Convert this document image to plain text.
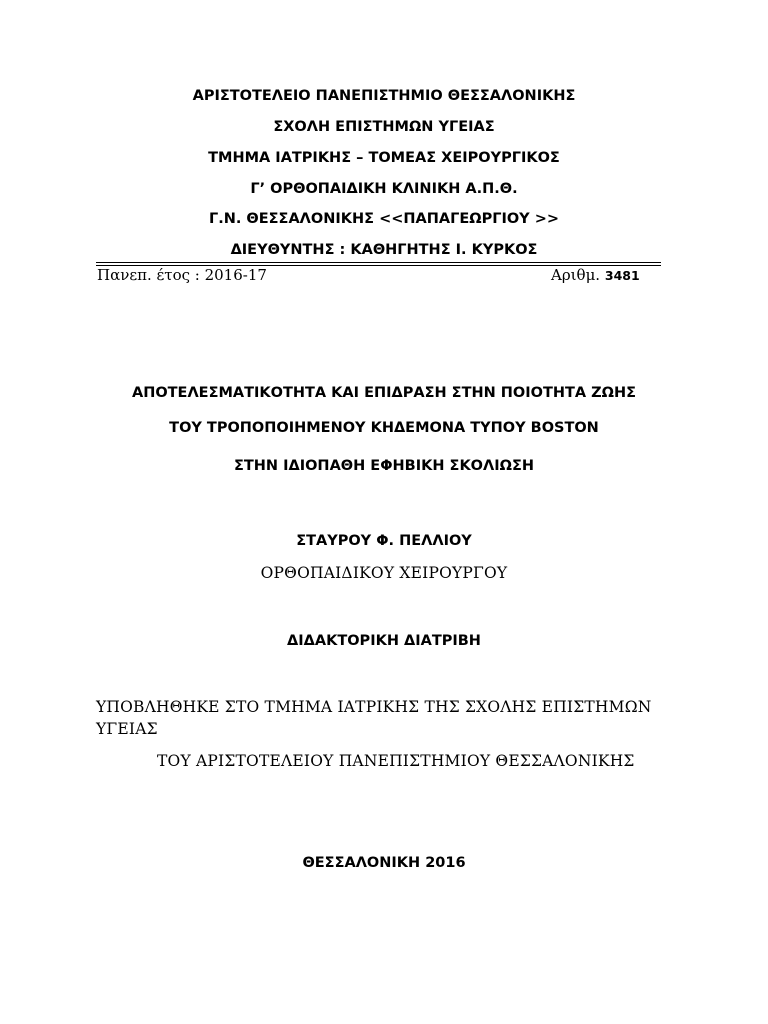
ΑΡΙΣΤΟΤΕΛΕΙΟ ΠΑΝΕΠΙΣΤΗΜΙΟ ΘΕΣΣΑΛΟΝΙΚΗΣ
ΣΧΟΛΗ ΕΠΙΣΤΗΜΩΝ ΥΓΕΙΑΣ
ΤΜΗΜΑ ΙΑΤΡΙΚΗΣ – ΤΟΜΕΑΣ ΧΕΙΡΟΥΡΓΙΚΟΣ
Γ’ ΟΡΘΟΠΑΙΔΙΚΗ ΚΛΙΝΙΚΗ Α.Π.Θ.
Γ.Ν. ΘΕΣΣΑΛΟΝΙΚΗΣ <<ΠΑΠΑΓΕΩΡΓΙΟΥ >>
ΔΙΕΥΘΥΝΤΗΣ : ΚΑΘΗΓΗΤΗΣ Ι. ΚΥΡΚΟΣ
Πανεπ. έτος : 2016-17	Αριθμ. 3481
ΑΠΟΤΕΛΕΣΜΑΤΙΚΟΤΗΤΑ ΚΑΙ ΕΠΙΔΡΑΣΗ ΣΤΗΝ ΠΟΙΟΤΗΤΑ ΖΩΗΣ
ΤΟΥ ΤΡΟΠΟΠΟΙΗΜΕΝΟΥ ΚΗΔΕΜΟΝΑ ΤΥΠΟΥ BOSTON
ΣΤΗΝ ΙΔΙΟΠΑΘΗ ΕΦΗΒΙΚΗ ΣΚΟΛΙΩΣΗ
ΣΤΑΥΡΟΥ Φ. ΠΕΛΛΙΟΥ
ΟΡΘΟΠΑΙΔΙΚΟΥ ΧΕΙΡΟΥΡΓΟΥ
ΔΙΔΑΚΤΟΡΙΚΗ ΔΙΑΤΡΙΒΗ
ΥΠΟΒΛΗΘΗΚΕ ΣΤΟ ΤΜΗΜΑ ΙΑΤΡΙΚΗΣ ΤΗΣ ΣΧΟΛΗΣ ΕΠΙΣΤΗΜΩΝ
ΥΓΕΙΑΣ
ΤΟΥ ΑΡΙΣΤΟΤΕΛΕΙΟΥ ΠΑΝΕΠΙΣΤΗΜΙΟΥ ΘΕΣΣΑΛΟΝΙΚΗΣ
ΘΕΣΣΑΛΟΝΙΚΗ 2016
